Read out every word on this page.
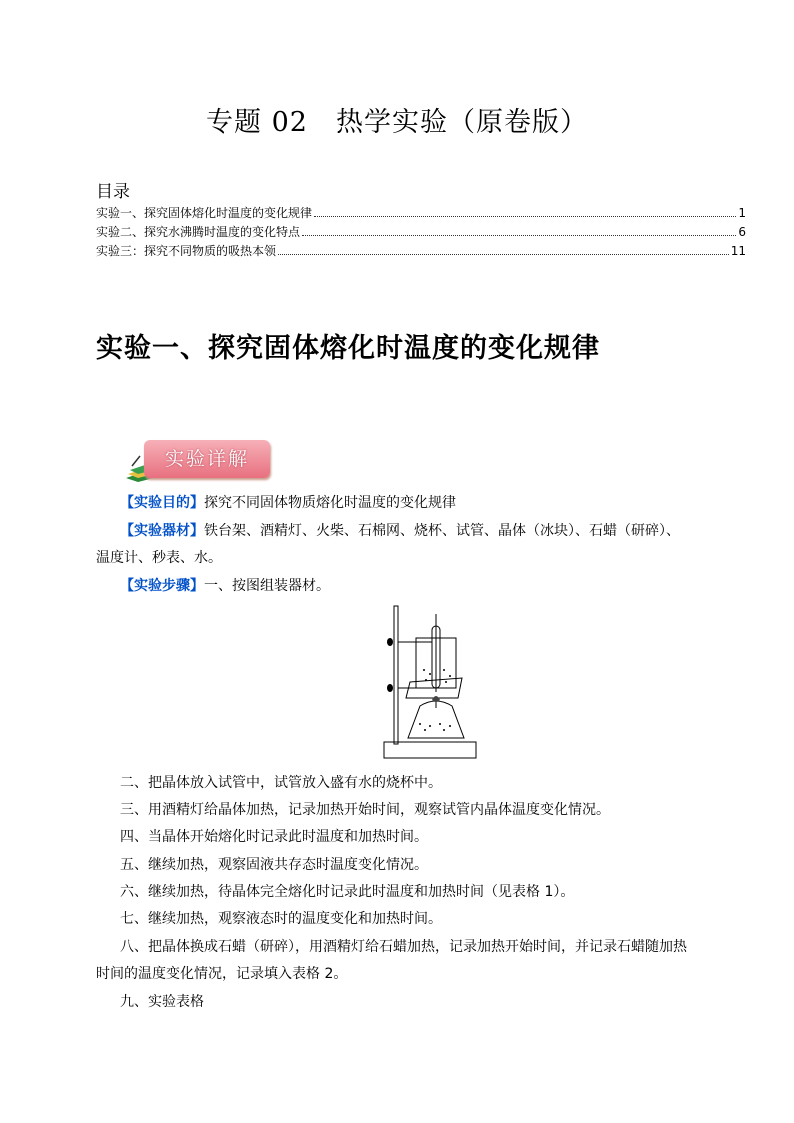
专题 02　热学实验（原卷版）
目录
实验一、探究固体熔化时温度的变化规律	1
实验二、探究水沸腾时温度的变化特点	6
实验三：探究不同物质的吸热本领	11
实验一、探究固体熔化时温度的变化规律
实验详解
【实验目的】探究不同固体物质熔化时温度的变化规律
【实验器材】铁台架、酒精灯、火柴、石棉网、烧杯、试管、晶体（冰块）、石蜡（研碎）、
温度计、秒表、水。
【实验步骤】一、按图组装器材。
二、把晶体放入试管中，试管放入盛有水的烧杯中。
三、用酒精灯给晶体加热，记录加热开始时间，观察试管内晶体温度变化情况。
四、当晶体开始熔化时记录此时温度和加热时间。
五、继续加热，观察固液共存态时温度变化情况。
六、继续加热，待晶体完全熔化时记录此时温度和加热时间（见表格 1）。
七、继续加热，观察液态时的温度变化和加热时间。
八、把晶体换成石蜡（研碎），用酒精灯给石蜡加热，记录加热开始时间，并记录石蜡随加热
时间的温度变化情况，记录填入表格 2。
九、实验表格
